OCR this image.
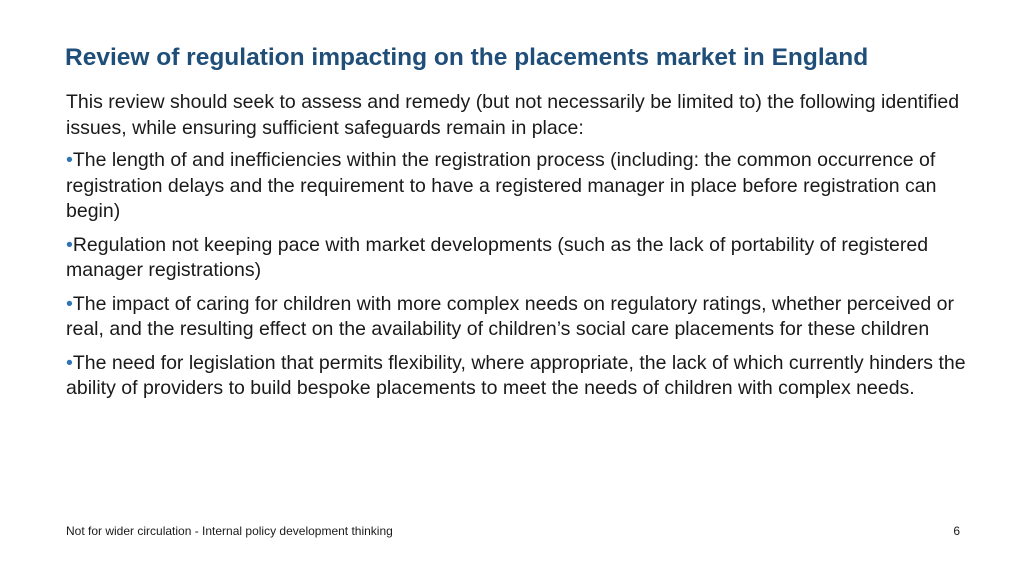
Review of regulation impacting on the placements market in England

This review should seek to assess and remedy (but not necessarily be limited to) the following identified issues, while ensuring sufficient safeguards remain in place:

•The length of and inefficiencies within the registration process (including: the common occurrence of registration delays and the requirement to have a registered manager in place before registration can begin)
•Regulation not keeping pace with market developments (such as the lack of portability of registered manager registrations)
•The impact of caring for children with more complex needs on regulatory ratings, whether perceived or real, and the resulting effect on the availability of children’s social care placements for these children
•The need for legislation that permits flexibility, where appropriate, the lack of which currently hinders the ability of providers to build bespoke placements to meet the needs of children with complex needs.
Not for wider circulation - Internal policy development thinking	6
